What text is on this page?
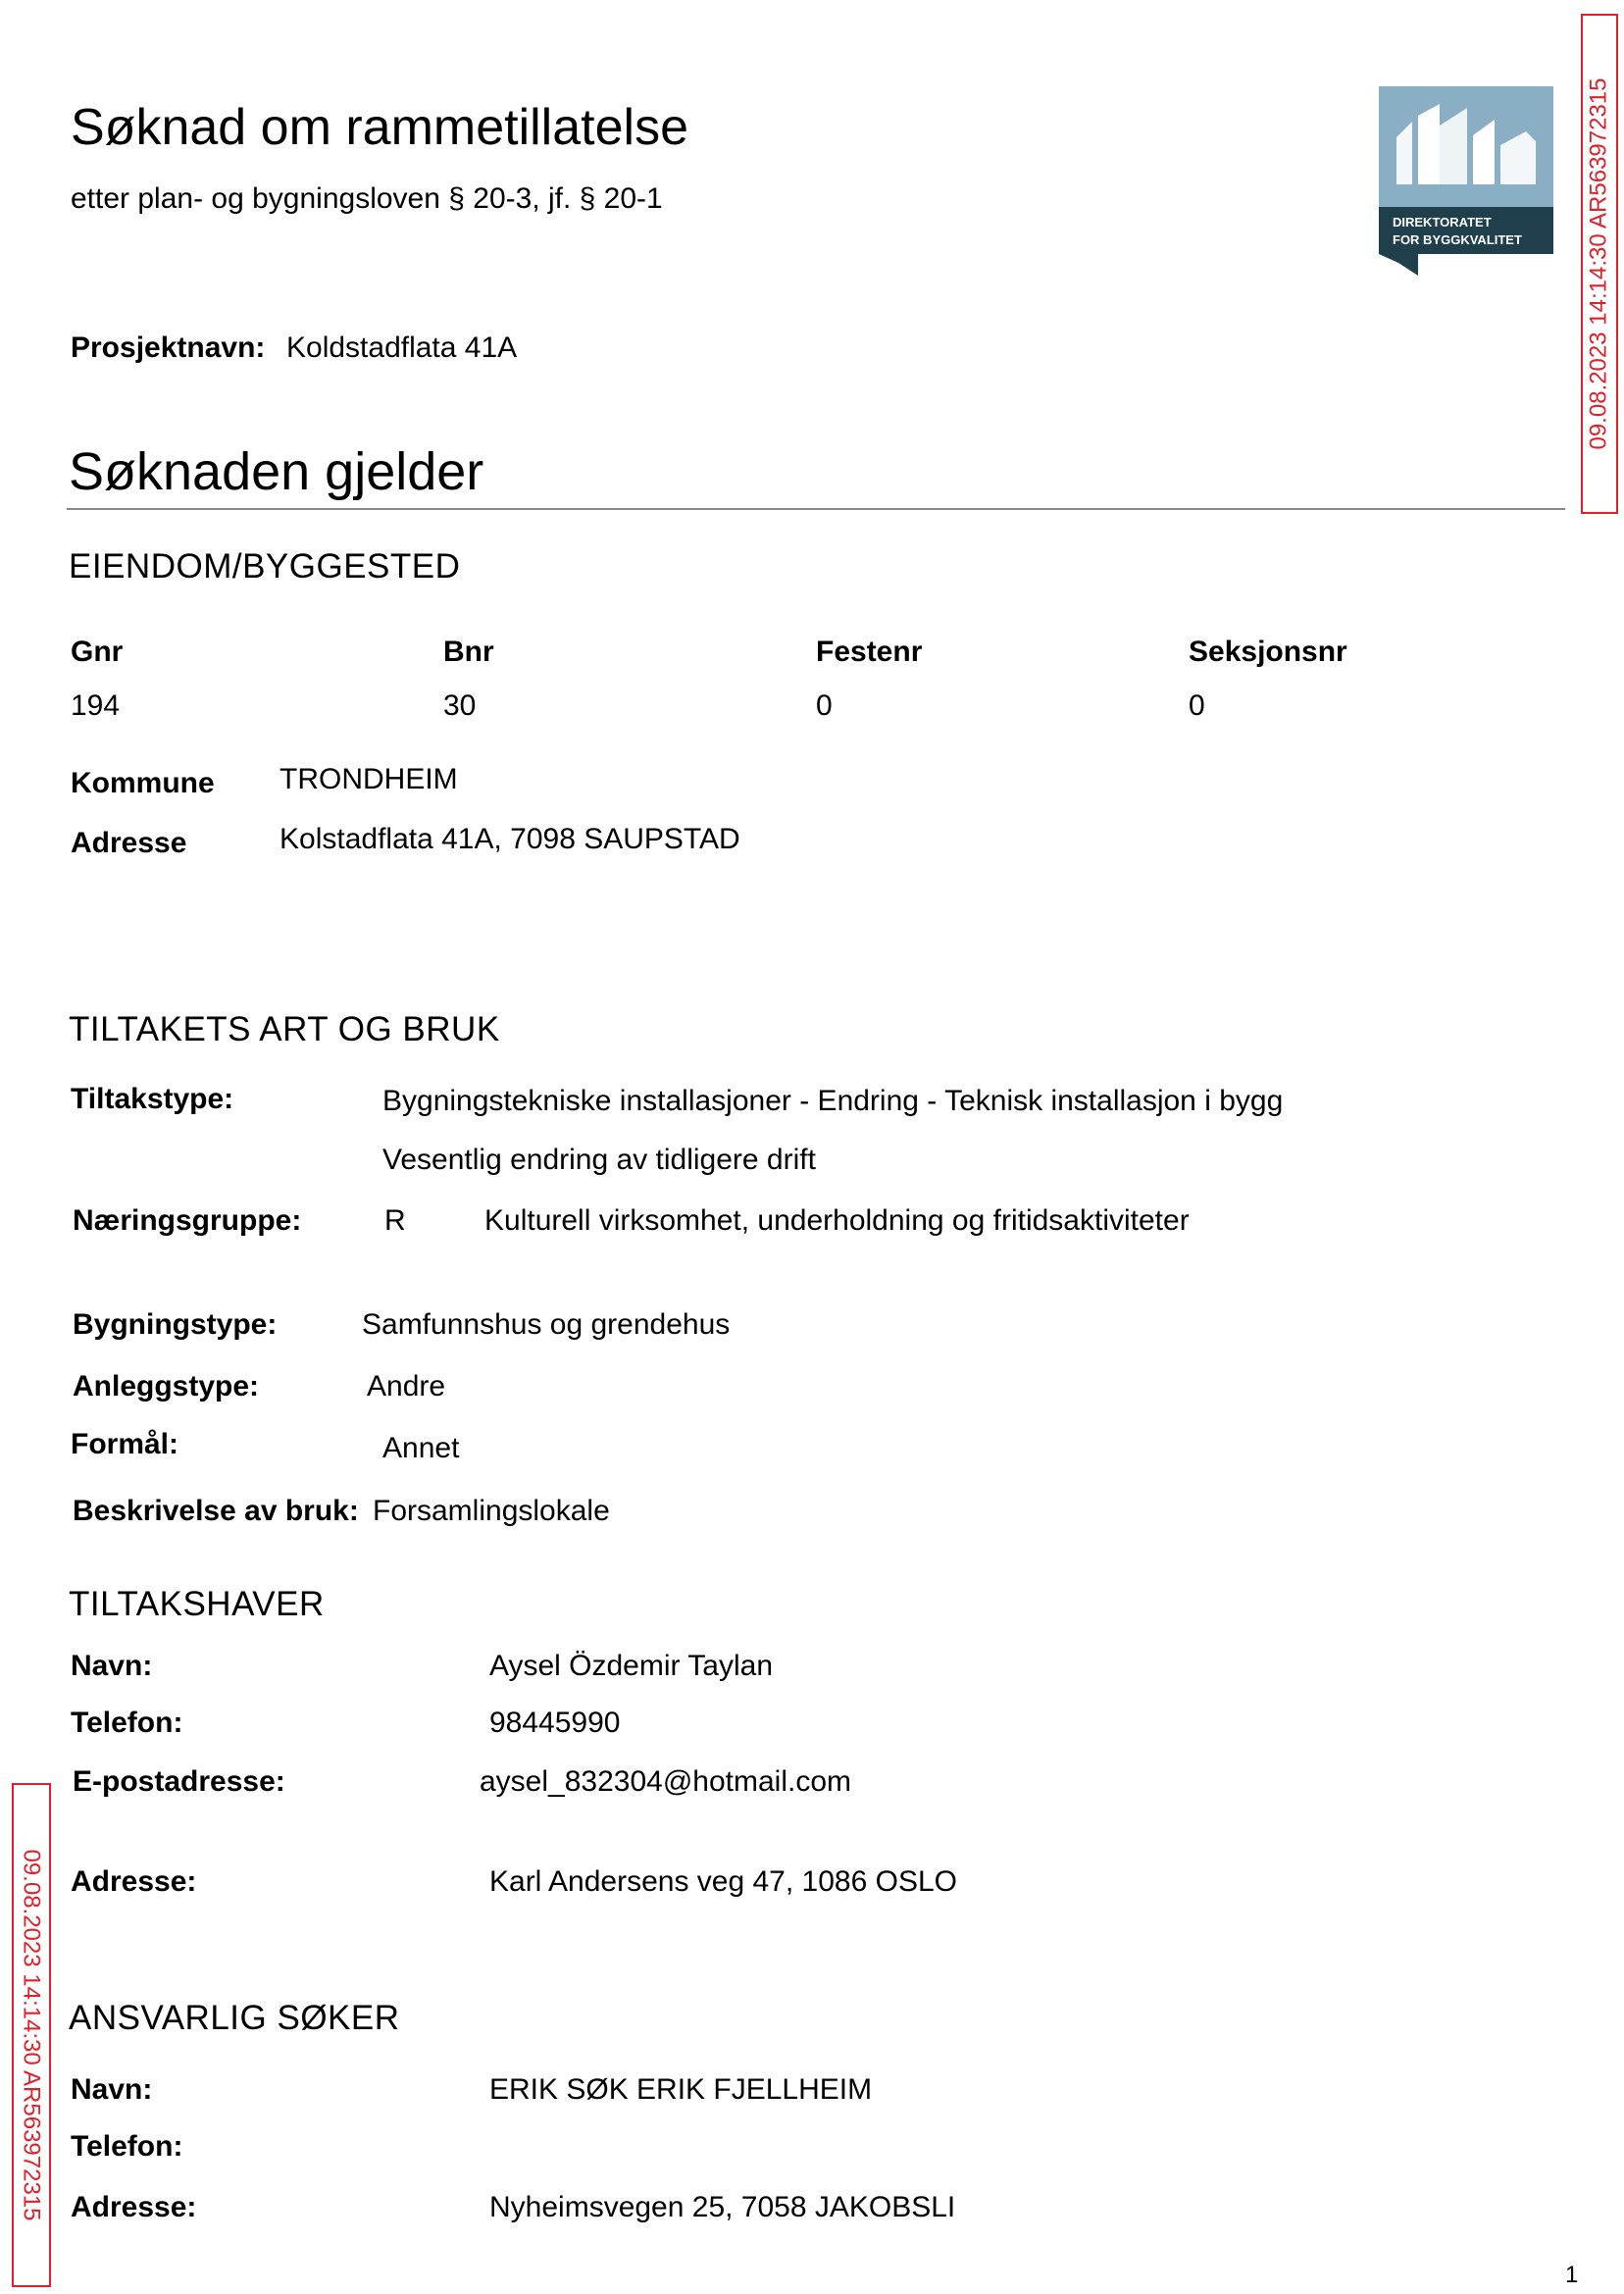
Søknad om rammetillatelse
etter plan- og bygningsloven § 20-3, jf. § 20-1
DIREKTORATET
FOR BYGGKVALITET	09.08.2023 14:14:30 AR563972315
09.08.2023 14:14:30 AR563972315
Prosjektnavn: Koldstadflata 41A
Søknaden gjelder
EIENDOM/BYGGESTED
Gnr	Bnr	Festenr	Seksjonsnr
194	30	0	0
Kommune TRONDHEIM
Adresse	Kolstadflata 41A, 7098 SAUPSTAD
TILTAKETS ART OG BRUK
Tiltakstype:	Bygningstekniske installasjoner - Endring - Teknisk installasjon i bygg
Vesentlig endring av tidligere drift
Næringsgruppe:	R	Kulturell virksomhet, underholdning og fritidsaktiviteter
Bygningstype:	Samfunnshus og grendehus
Anleggstype:	Andre
Formål:	Annet
Beskrivelse av bruk: Forsamlingslokale
TILTAKSHAVER
Navn:	Aysel Özdemir Taylan
Telefon:	98445990
E-postadresse:	aysel_832304@hotmail.com
Adresse:	Karl Andersens veg 47, 1086 OSLO
ANSVARLIG SØKER
Navn:	ERIK SØK ERIK FJELLHEIM
Telefon:
Adresse:	Nyheimsvegen 25, 7058 JAKOBSLI
1
